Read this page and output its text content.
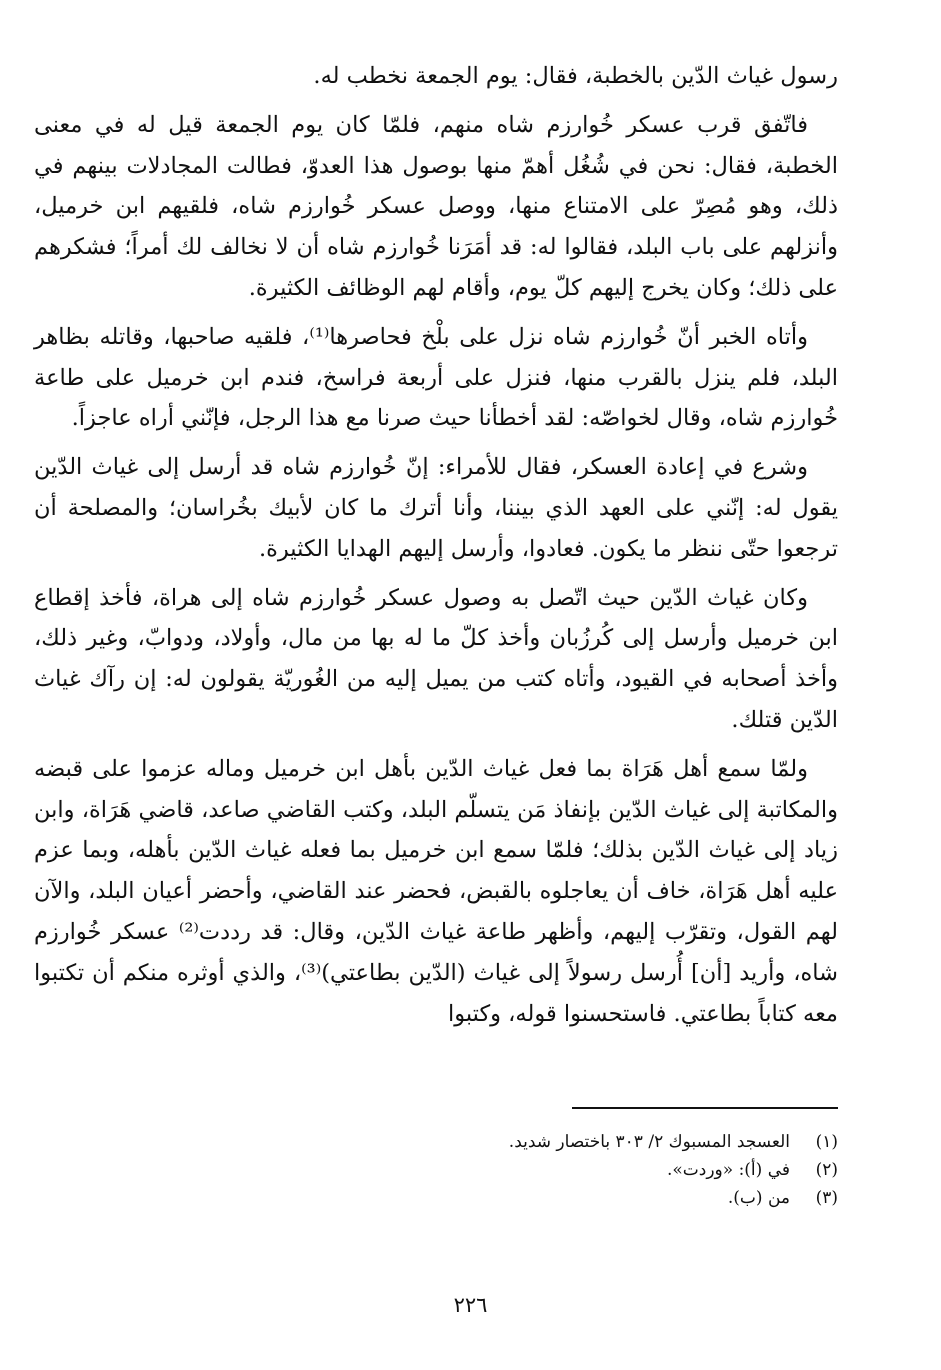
رسول غياث الدّين بالخطبة، فقال: يوم الجمعة نخطب له.

فاتّفق قرب عسكر خُوارزم شاه منهم، فلمّا كان يوم الجمعة قيل له في معنى الخطبة، فقال: نحن في شُغُل أهمّ منها بوصول هذا العدوّ، فطالت المجادلات بينهم في ذلك، وهو مُصِرّ على الامتناع منها، ووصل عسكر خُوارزم شاه، فلقيهم ابن خرميل، وأنزلهم على باب البلد، فقالوا له: قد أمَرَنا خُوارزم شاه أن لا نخالف لك أمراً؛ فشكرهم على ذلك؛ وكان يخرج إليهم كلّ يوم، وأقام لهم الوظائف الكثيرة.

وأتاه الخبر أنّ خُوارزم شاه نزل على بلْخ فحاصرها⁽¹⁾، فلقيه صاحبها، وقاتله بظاهر البلد، فلم ينزل بالقرب منها، فنزل على أربعة فراسخ، فندم ابن خرميل على طاعة خُوارزم شاه، وقال لخواصّه: لقد أخطأنا حيث صرنا مع هذا الرجل، فإنّني أراه عاجزاً.

وشرع في إعادة العسكر، فقال للأمراء: إنّ خُوارزم شاه قد أرسل إلى غياث الدّين يقول له: إنّني على العهد الذي بيننا، وأنا أترك ما كان لأبيك بخُراسان؛ والمصلحة أن ترجعوا حتّى ننظر ما يكون. فعادوا، وأرسل إليهم الهدايا الكثيرة.

وكان غياث الدّين حيث اتّصل به وصول عسكر خُوارزم شاه إلى هراة، فأخذ إقطاع ابن خرميل وأرسل إلى كُرزُبان وأخذ كلّ ما له بها من مال، وأولاد، ودوابّ، وغير ذلك، وأخذ أصحابه في القيود، وأتاه كتب من يميل إليه من الغُوريّة يقولون له: إن رآك غياث الدّين قتلك.

ولمّا سمع أهل هَرَاة بما فعل غياث الدّين بأهل ابن خرميل وماله عزموا على قبضه والمكاتبة إلى غياث الدّين بإنفاذ مَن يتسلّم البلد، وكتب القاضي صاعد، قاضي هَرَاة، وابن زياد إلى غياث الدّين بذلك؛ فلمّا سمع ابن خرميل بما فعله غياث الدّين بأهله، وبما عزم عليه أهل هَرَاة، خاف أن يعاجلوه بالقبض، فحضر عند القاضي، وأحضر أعيان البلد، والآن لهم القول، وتقرّب إليهم، وأظهر طاعة غياث الدّين، وقال: قد رددت⁽²⁾ عسكر خُوارزم شاه، وأريد [أن] أُرسل رسولاً إلى غياث (الدّين بطاعتي)⁽³⁾، والذي أوثره منكم أن تكتبوا معه كتاباً بطاعتي. فاستحسنوا قوله، وكتبوا

(١)
العسجد المسبوك ٢/ ٣٠٣ باختصار شديد.
(٢)
في (أ): «وردت».
(٣)
من (ب).
٢٢٦
